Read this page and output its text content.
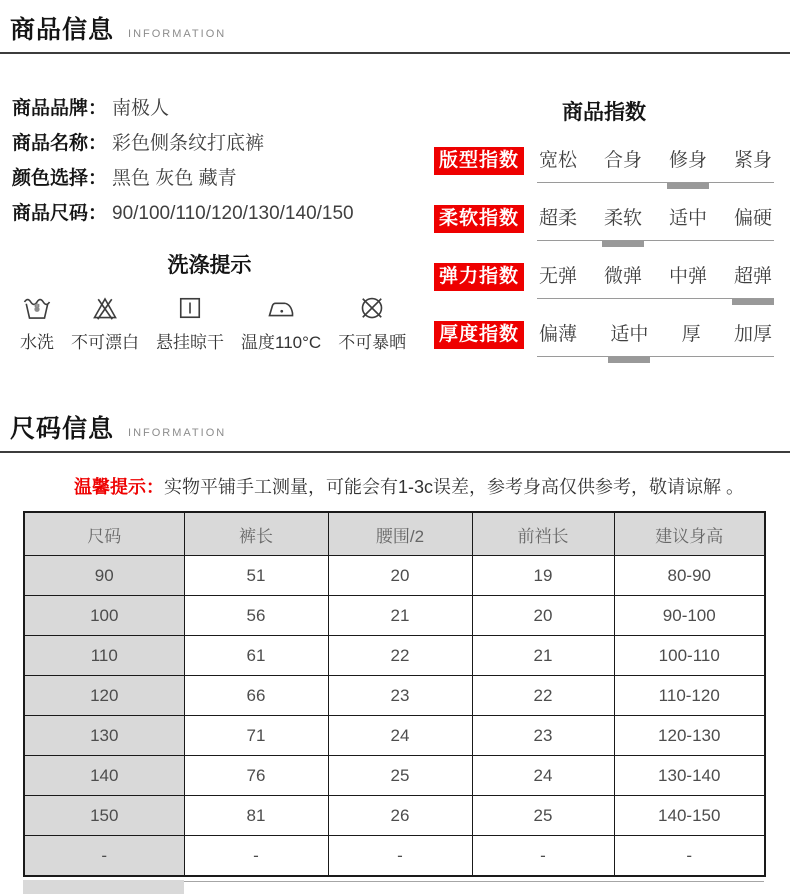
商品信息 INFORMATION
商品品牌： 南极人
商品名称： 彩色侧条纹打底裤
颜色选择： 黑色 灰色 藏青
商品尺码： 90/100/110/120/130/140/150
洗涤提示
水洗 不可漂白 悬挂晾干 温度110°C 不可暴晒
商品指数
版型指数 宽松 合身 修身 紧身
柔软指数 超柔 柔软 适中 偏硬
弹力指数 无弹 微弹 中弹 超弹
厚度指数 偏薄 适中 厚 加厚
尺码信息 INFORMATION
温馨提示：实物平铺手工测量，可能会有1-3c误差，参考身高仅供参考，敬请谅解 。
尺码	裤长	腰围/2	前裆长	建议身高
90	51	20	19	80-90
100	56	21	20	90-100
110	61	22	21	100-110
120	66	23	22	110-120
130	71	24	23	120-130
140	76	25	24	130-140
150	81	26	25	140-150
-	-	-	-	-
